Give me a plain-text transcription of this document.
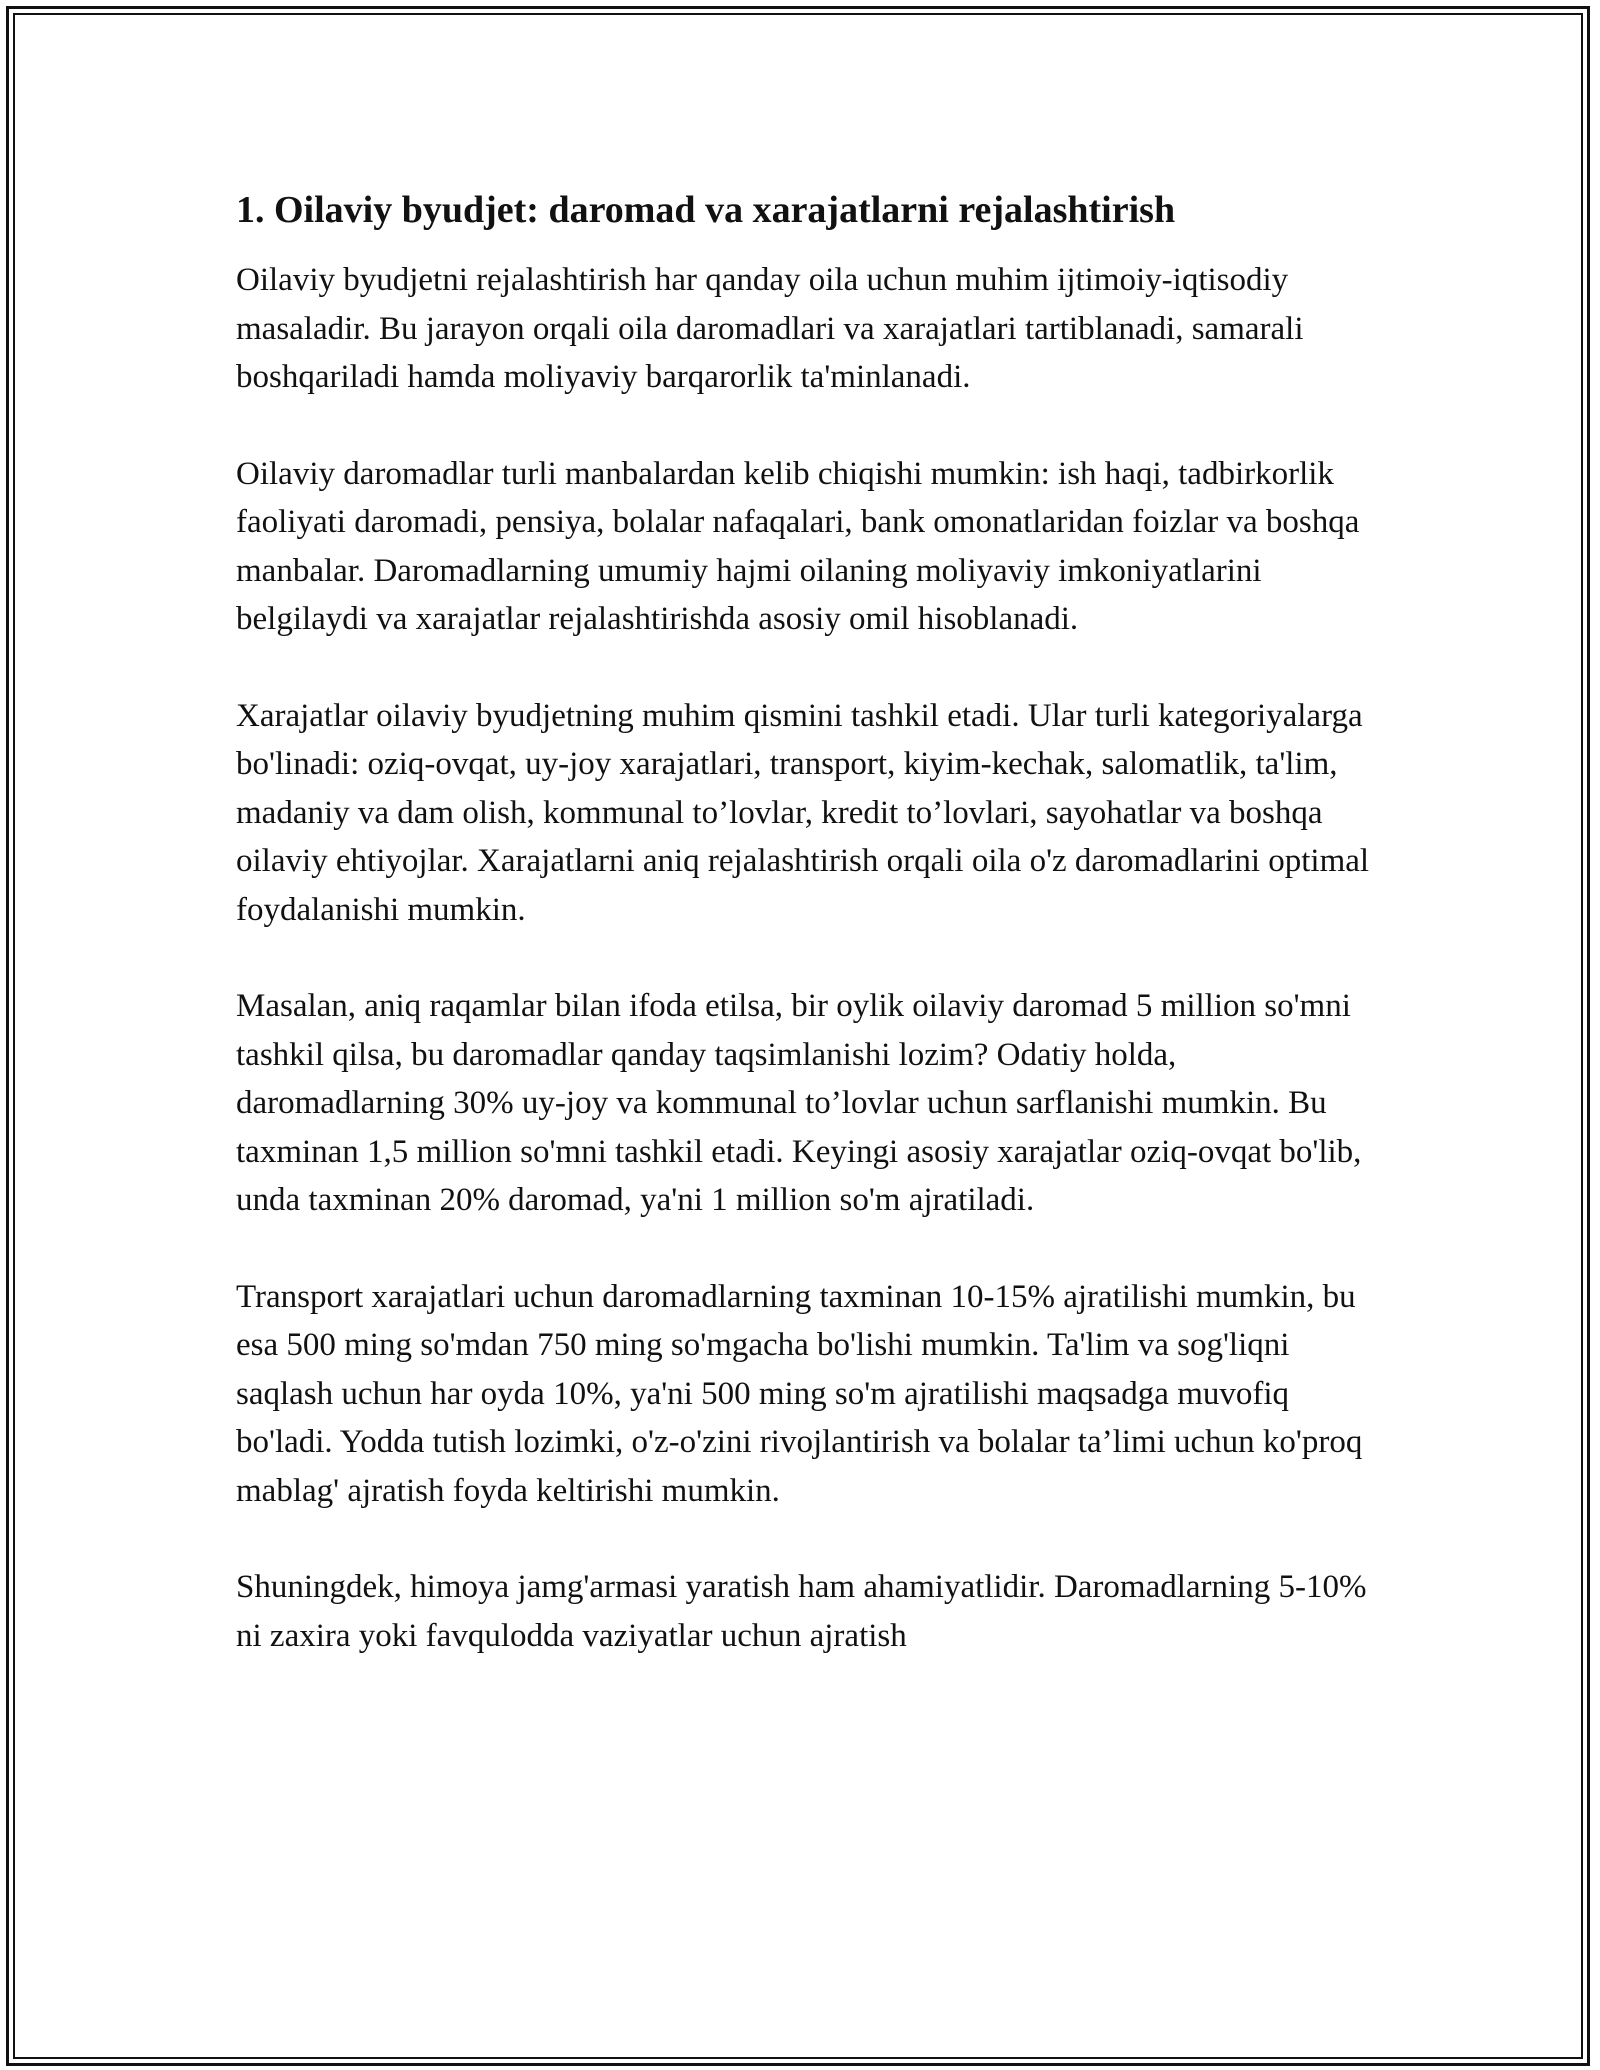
1. Oilaviy byudjet: daromad va xarajatlarni rejalashtirish

Oilaviy byudjetni rejalashtirish har qanday oila uchun muhim ijtimoiy-iqtisodiy masaladir. Bu jarayon orqali oila daromadlari va xarajatlari tartiblanadi, samarali boshqariladi hamda moliyaviy barqarorlik ta'minlanadi.

Oilaviy daromadlar turli manbalardan kelib chiqishi mumkin: ish haqi, tadbirkorlik faoliyati daromadi, pensiya, bolalar nafaqalari, bank omonatlaridan foizlar va boshqa manbalar. Daromadlarning umumiy hajmi oilaning moliyaviy imkoniyatlarini belgilaydi va xarajatlar rejalashtirishda asosiy omil hisoblanadi.

Xarajatlar oilaviy byudjetning muhim qismini tashkil etadi. Ular turli kategoriyalarga bo'linadi: oziq-ovqat, uy-joy xarajatlari, transport, kiyim-kechak, salomatlik, ta'lim, madaniy va dam olish, kommunal to’lovlar, kredit to’lovlari, sayohatlar va boshqa oilaviy ehtiyojlar. Xarajatlarni aniq rejalashtirish orqali oila o'z daromadlarini optimal foydalanishi mumkin.

Masalan, aniq raqamlar bilan ifoda etilsa, bir oylik oilaviy daromad 5 million so'mni tashkil qilsa, bu daromadlar qanday taqsimlanishi lozim? Odatiy holda, daromadlarning 30% uy-joy va kommunal to’lovlar uchun sarflanishi mumkin. Bu taxminan 1,5 million so'mni tashkil etadi. Keyingi asosiy xarajatlar oziq-ovqat bo'lib, unda taxminan 20% daromad, ya'ni 1 million so'm ajratiladi.

Transport xarajatlari uchun daromadlarning taxminan 10-15% ajratilishi mumkin, bu esa 500 ming so'mdan 750 ming so'mgacha bo'lishi mumkin. Ta'lim va sog'liqni saqlash uchun har oyda 10%, ya'ni 500 ming so'm ajratilishi maqsadga muvofiq bo'ladi. Yodda tutish lozimki, o'z-o'zini rivojlantirish va bolalar ta’limi uchun ko'proq mablag' ajratish foyda keltirishi mumkin.

Shuningdek, himoya jamg'armasi yaratish ham ahamiyatlidir. Daromadlarning 5-10% ni zaxira yoki favqulodda vaziyatlar uchun ajratish
